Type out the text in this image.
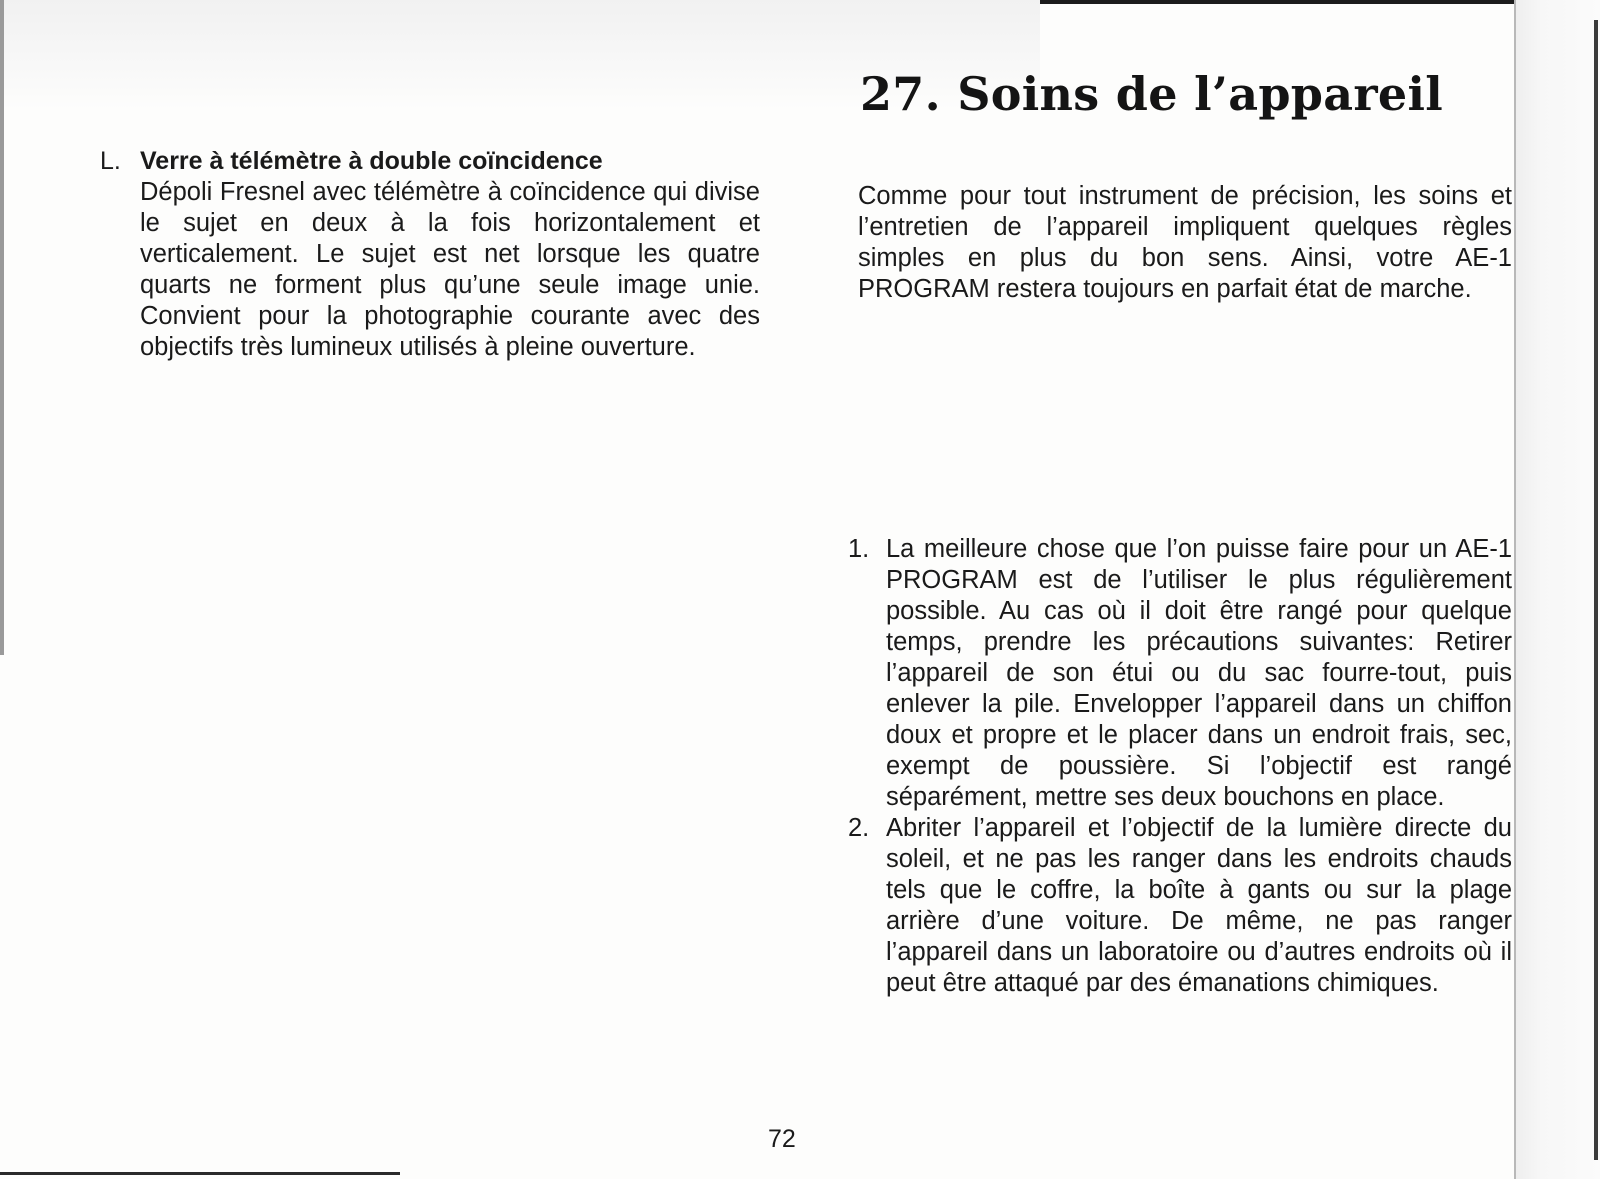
27. Soins de l’appareil
L. Verre à télémètre à double coïncidence
Dépoli Fresnel avec télémètre à coïncidence qui divise le sujet en deux à la fois horizontalement et verticalement. Le sujet est net lorsque les quatre quarts ne forment plus qu’une seule image unie. Convient pour la photographie courante avec des objectifs très lumineux utilisés à pleine ouverture.

Comme pour tout instrument de précision, les soins et l’entretien de l’appareil impliquent quelques règles simples en plus du bon sens. Ainsi, votre AE-1 PROGRAM restera toujours en parfait état de marche.

1. La meilleure chose que l’on puisse faire pour un AE-1 PROGRAM est de l’utiliser le plus régulièrement possible. Au cas où il doit être rangé pour quelque temps, prendre les précautions suivantes: Retirer l’appareil de son étui ou du sac fourre-tout, puis enlever la pile. Envelopper l’appareil dans un chiffon doux et propre et le placer dans un endroit frais, sec, exempt de poussière. Si l’objectif est rangé séparément, mettre ses deux bouchons en place.
2. Abriter l’appareil et l’objectif de la lumière directe du soleil, et ne pas les ranger dans les endroits chauds tels que le coffre, la boîte à gants ou sur la plage arrière d’une voiture. De même, ne pas ranger l’appareil dans un laboratoire ou d’autres endroits où il peut être attaqué par des émanations chimiques.
72
